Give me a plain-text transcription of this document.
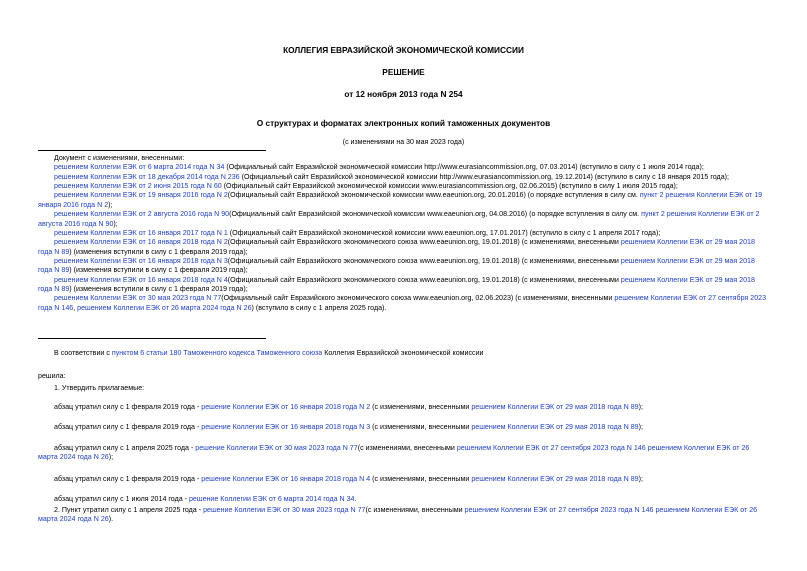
КОЛЛЕГИЯ ЕВРАЗИЙСКОЙ ЭКОНОМИЧЕСКОЙ КОМИССИИ
РЕШЕНИЕ
от 12 ноября 2013 года N 254
О структурах и форматах электронных копий таможенных документов
(с изменениями на 30 мая 2023 года)

Документ с изменениями, внесенными:

решением Коллегии ЕЭК от 6 марта 2014 года N 34 (Официальный сайт Евразийской экономической комиссии http://www.eurasiancommission.org, 07.03.2014) (вступило в силу с 1 июля 2014 года);

решением Коллегии ЕЭК от 18 декабря 2014 года N 236 (Официальный сайт Евразийской экономической комиссии http://www.eurasiancommission.org, 19.12.2014) (вступило в силу с 18 января 2015 года);

решением Коллегии ЕЭК от 2 июня 2015 года N 60 (Официальный сайт Евразийской экономической комиссии www.eurasiancommission.org, 02.06.2015) (вступило в силу 1 июля 2015 года);

решением Коллегии ЕЭК от 19 января 2016 года N 2(Официальный сайт Евразийской экономической комиссии www.eaeunion.org, 20.01.2016) (о порядке вступления в силу см. пункт 2 решения Коллегии ЕЭК от 19 января 2016 года N 2);

решением Коллегии ЕЭК от 2 августа 2016 года N 90(Официальный сайт Евразийской экономической комиссии www.eaeunion.org, 04.08.2016) (о порядке вступления в силу см. пункт 2 решения Коллегии ЕЭК от 2 августа 2016 года N 90);

решением Коллегии ЕЭК от 16 января 2017 года N 1 (Официальный сайт Евразийской экономической комиссии www.eaeunion.org, 17.01.2017) (вступило в силу с 1 апреля 2017 года);

решением Коллегии ЕЭК от 16 января 2018 года N 2(Официальный сайт Евразийского экономического союза www.eaeunion.org, 19.01.2018) (с изменениями, внесенными решением Коллегии ЕЭК от 29 мая 2018 года N 89) (изменения вступили в силу с 1 февраля 2019 года);

решением Коллегии ЕЭК от 16 января 2018 года N 3(Официальный сайт Евразийского экономического союза www.eaeunion.org, 19.01.2018) (с изменениями, внесенными решением Коллегии ЕЭК от 29 мая 2018 года N 89) (изменения вступили в силу с 1 февраля 2019 года);

решением Коллегии ЕЭК от 16 января 2018 года N 4(Официальный сайт Евразийского экономического союза www.eaeunion.org, 19.01.2018) (с изменениями, внесенными решением Коллегии ЕЭК от 29 мая 2018 года N 89) (изменения вступили в силу с 1 февраля 2019 года);

решением Коллегии ЕЭК от 30 мая 2023 года N 77(Официальный сайт Евразийского экономического союза www.eaeunion.org, 02.06.2023) (с изменениями, внесенными решением Коллегии ЕЭК от 27 сентября 2023 года N 146, решением Коллегии ЕЭК от 26 марта 2024 года N 26) (вступило в силу с 1 апреля 2025 года).

В соответствии с пунктом 6 статьи 180 Таможенного кодекса Таможенного союза Коллегия Евразийской экономической комиссии

решила:

1. Утвердить прилагаемые:

абзац утратил силу с 1 февраля 2019 года - решение Коллегии ЕЭК от 16 января 2018 года N 2 (с изменениями, внесенными решением Коллегии ЕЭК от 29 мая 2018 года N 89);

абзац утратил силу с 1 февраля 2019 года - решение Коллегии ЕЭК от 16 января 2018 года N 3 (с изменениями, внесенными решением Коллегии ЕЭК от 29 мая 2018 года N 89);

абзац утратил силу с 1 апреля 2025 года - решение Коллегии ЕЭК от 30 мая 2023 года N 77(с изменениями, внесенными решением Коллегии ЕЭК от 27 сентября 2023 года N 146 решением Коллегии ЕЭК от 26 марта 2024 года N 26);

абзац утратил силу с 1 февраля 2019 года - решение Коллегии ЕЭК от 16 января 2018 года N 4 (с изменениями, внесенными решением Коллегии ЕЭК от 29 мая 2018 года N 89);

абзац утратил силу с 1 июля 2014 года - решение Коллегии ЕЭК от 6 марта 2014 года N 34.

2. Пункт утратил силу с 1 апреля 2025 года - решение Коллегии ЕЭК от 30 мая 2023 года N 77(с изменениями, внесенными решением Коллегии ЕЭК от 27 сентября 2023 года N 146 решением Коллегии ЕЭК от 26 марта 2024 года N 26).
